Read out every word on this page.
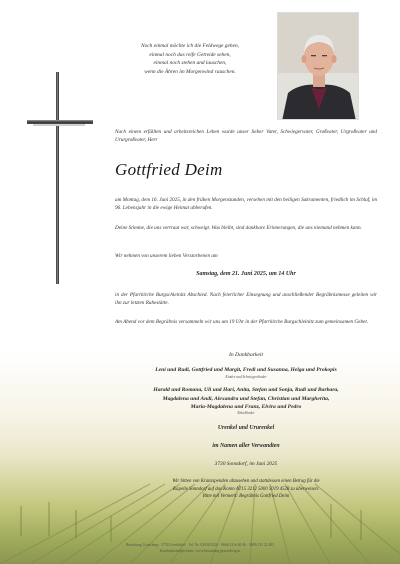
Noch einmal möchte ich die Feldwege gehen,
einmal noch das reife Getreide sehen,
einmal noch stehen und lauschen,
wenn die Ähren im Morgenwind rauschen.
Nach einem erfüllten und arbeitsreichen Leben wurde unser lieber Vater, Schwiegervater, Großvater, Urgroßvater und Ururgroßvater, Herr
Gottfried Deim
am Montag, dem 16. Juni 2025, in den frühen Morgenstunden, versehen mit den heiligen Sakramenten, friedlich im Schlaf, im 96. Lebensjahr in die ewige Heimat abberufen.
Deine Stimme, die uns vertraut war, schweigt. Was bleibt, sind dankbare Erinnerungen, die uns niemand nehmen kann.
Wir nehmen von unserem lieben Verstorbenen am
Samstag, dem 21. Juni 2025, um 14 Uhr
in der Pfarrkirche Burgschleinitz Abschied. Nach feierlicher Einsegnung und anschließender Begräbnismesse geleiten wir ihn zur letzten Ruhestätte.
Am Abend vor dem Begräbnis versammeln wir uns um 19 Uhr in der Pfarrkirche Burgschleinitz zum gemeinsamen Gebet.
In Dankbarkeit
Leni und Rudi, Gottfried und Margit, Fredi und Susanna, Helga und Prokopis
Kinder und Schwiegerkinder
Harald und Romana, Uli und Hari, Anita, Stefan und Sonja, Rudi und Barbara,
Magdalena und Andi, Alexandra und Stefan, Christian und Margherita,
Maria-Magdalena und Franz, Elvira und Pedro
Enkelkinder
Urenkel und Ururenkel
im Namen aller Verwandten
3730 Sonndorf, im Juni 2025
Wir bitten von Kranzspenden abzusehen und stattdessen einen Betrag für die
Kapelle Sonndorf auf das Konto AT15 3212 5000 5019 4528 zu überweisen.
Bitte mit Vermerk: Begräbnis Gottfried Deim
Bestattung Grünsberg · 3730 Zwettldorf · Tel. Nr. 02958/2226 · 0664/2116 40 46 · 0699/125 22 483
Kondolenzmöglichkeit: www.bestattung-gruensberg.at
